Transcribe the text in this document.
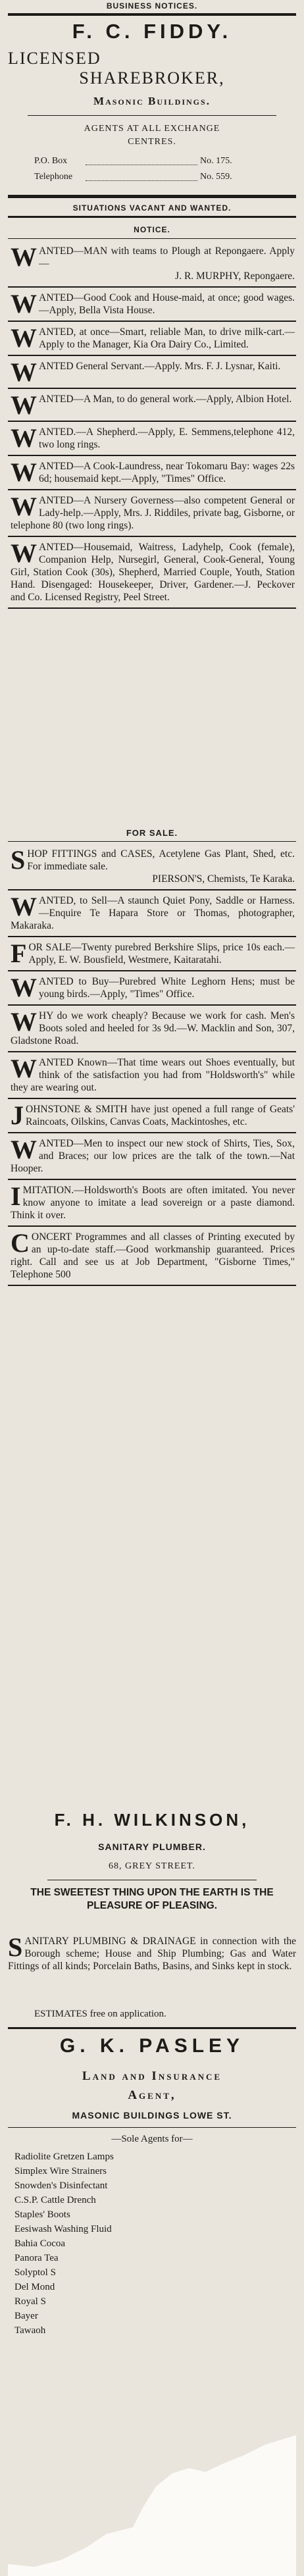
BUSINESS NOTICES.
F. C. FIDDY.
LICENSED
SHAREBROKER,
Masonic Buildings.
AGENTS AT ALL EXCHANGE
CENTRES.
P.O. Box	No. 175.
Telephone	No. 559.
SITUATIONS VACANT AND WANTED.
NOTICE.
WANTED—MAN with teams to Plough at Repongaere. Apply—
J. R. MURPHY, Repongaere.
WANTED—Good Cook and House-maid, at once; good wages.—Apply, Bella Vista House.
WANTED, at once—Smart, reliable Man, to drive milk-cart.—Apply to the Manager, Kia Ora Dairy Co., Limited.
WANTED General Servant.—Apply. Mrs. F. J. Lysnar, Kaiti.
WANTED—A Man, to do general work.—Apply, Albion Hotel.
WANTED.—A Shepherd.—Apply, E. Semmens,telephone 412, two long rings.
WANTED—A Cook-Laundress, near Tokomaru Bay: wages 22s 6d; housemaid kept.—Apply, "Times" Office.
WANTED—A Nursery Governess—also competent General or Lady-help.—Apply, Mrs. J. Riddiles, private bag, Gisborne, or telephone 80 (two long rings).
WANTED—Housemaid, Waitress, Ladyhelp, Cook (female), Companion Help, Nursegirl, General, Cook-General, Young Girl, Station Cook (30s), Shepherd, Married Couple, Youth, Station Hand. Disengaged: Housekeeper, Driver, Gardener.—J. Peckover and Co. Licensed Registry, Peel Street.
FOR SALE.
SHOP FITTINGS and CASES, Acetylene Gas Plant, Shed, etc. For immediate sale.
PIERSON'S, Chemists, Te Karaka.
WANTED, to Sell—A staunch Quiet Pony, Saddle or Harness.—Enquire Te Hapara Store or Thomas, photographer, Makaraka.
FOR SALE—Twenty purebred Berkshire Slips, price 10s each.—Apply, E. W. Bousfield, Westmere, Kaitaratahi.
WANTED to Buy—Purebred White Leghorn Hens; must be young birds.—Apply, "Times" Office.
WHY do we work cheaply? Because we work for cash. Men's Boots soled and heeled for 3s 9d.—W. Macklin and Son, 307, Gladstone Road.
WANTED Known—That time wears out Shoes eventually, but think of the satisfaction you had from "Holdsworth's" while they are wearing out.
JOHNSTONE & SMITH have just opened a full range of Geats' Raincoats, Oilskins, Canvas Coats, Mackintoshes, etc.
WANTED—Men to inspect our new stock of Shirts, Ties, Sox, and Braces; our low prices are the talk of the town.—Nat Hooper.
IMITATION.—Holdsworth's Boots are often imitated. You never know anyone to imitate a lead sovereign or a paste diamond. Think it over.
CONCERT Programmes and all classes of Printing executed by an up-to-date staff.—Good workmanship guaranteed. Prices right. Call and see us at Job Department, "Gisborne Times," Telephone 500
F. H. WILKINSON,
SANITARY PLUMBER.
68, GREY STREET.
THE SWEETEST THING UPON THE EARTH IS THE PLEASURE OF PLEASING.
SANITARY PLUMBING & DRAINAGE in connection with the Borough scheme; House and Ship Plumbing; Gas and Water Fittings of all kinds; Porcelain Baths, Basins, and Sinks kept in stock.
ESTIMATES free on application.
G. K. PASLEY
Land and Insurance
Agent,
MASONIC BUILDINGS LOWE ST.
—Sole Agents for—
Radiolite Gretzen Lamps
Simplex Wire Strainers
Snowden's Disinfectant
C.S.P. Cattle Drench
Staples' Boots
Eesiwash Washing Fluid
Bahia Cocoa
Panora Tea
Solyptol S
Del Mond
Royal S
Bayer
Tawaoh
